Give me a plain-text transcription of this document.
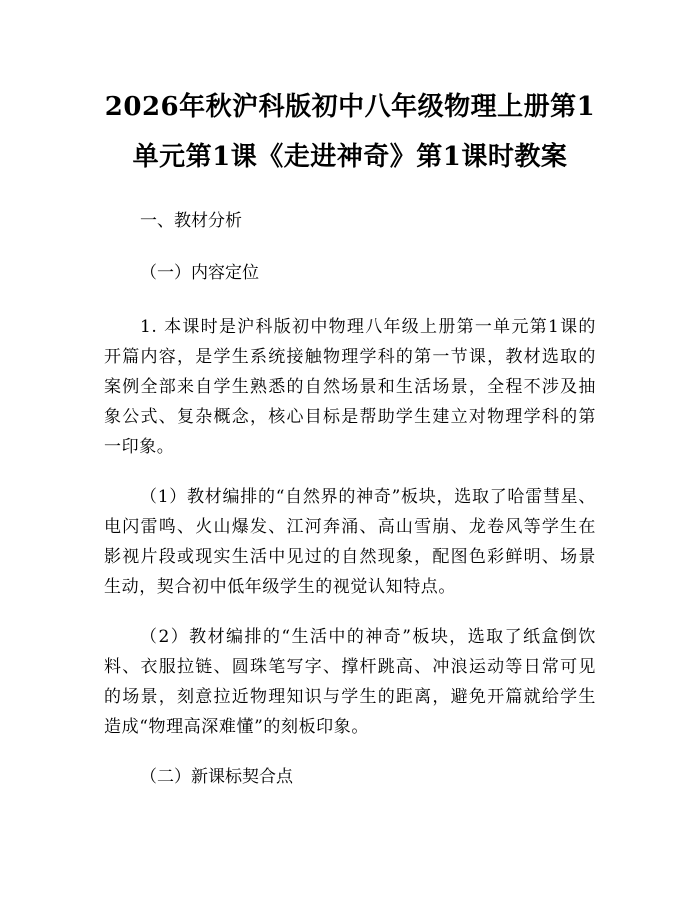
2026年秋沪科版初中八年级物理上册第1单元第1课《走进神奇》第1课时教案

一、教材分析

（一）内容定位

1. 本课时是沪科版初中物理八年级上册第一单元第1课的开篇内容，是学生系统接触物理学科的第一节课，教材选取的案例全部来自学生熟悉的自然场景和生活场景，全程不涉及抽象公式、复杂概念，核心目标是帮助学生建立对物理学科的第一印象。

（1）教材编排的“自然界的神奇”板块，选取了哈雷彗星、电闪雷鸣、火山爆发、江河奔涌、高山雪崩、龙卷风等学生在影视片段或现实生活中见过的自然现象，配图色彩鲜明、场景生动，契合初中低年级学生的视觉认知特点。

（2）教材编排的“生活中的神奇”板块，选取了纸盒倒饮料、衣服拉链、圆珠笔写字、撑杆跳高、冲浪运动等日常可见的场景，刻意拉近物理知识与学生的距离，避免开篇就给学生造成“物理高深难懂”的刻板印象。

（二）新课标契合点
